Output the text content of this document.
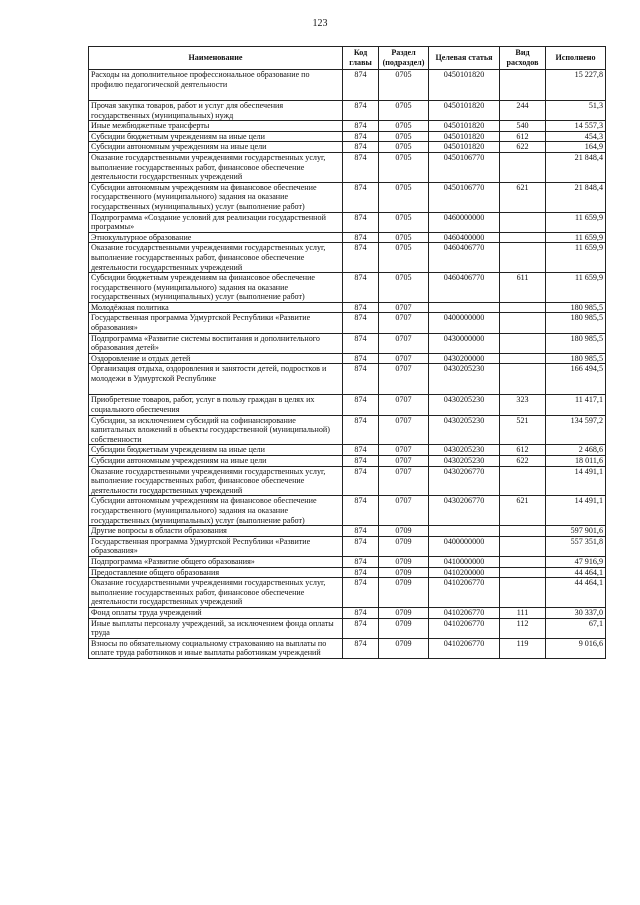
123
Наименование	Код главы	Раздел (подраздел)	Целевая статья	Вид расходов	Исполнено
Расходы на дополнительное профессиональное образование по профилю педагогической деятельности	874	0705	0450101820		15 227,8
Прочая закупка товаров, работ и услуг для обеспечения государственных (муниципальных) нужд	874	0705	0450101820	244	51,3
Иные межбюджетные трансферты	874	0705	0450101820	540	14 557,3
Субсидии бюджетным учреждениям на иные цели	874	0705	0450101820	612	454,3
Субсидии автономным учреждениям на иные цели	874	0705	0450101820	622	164,9
Оказание государственными учреждениями государственных услуг, выполнение государственных работ, финансовое обеспечение деятельности государственных учреждений	874	0705	0450106770		21 848,4
Субсидии автономным учреждениям на финансовое обеспечение государственного (муниципального) задания на оказание государственных (муниципальных) услуг (выполнение работ)	874	0705	0450106770	621	21 848,4
Подпрограмма «Создание условий для реализации государственной программы»	874	0705	0460000000		11 659,9
Этнокультурное образование	874	0705	0460400000		11 659,9
Оказание государственными учреждениями государственных услуг, выполнение государственных работ, финансовое обеспечение деятельности государственных учреждений	874	0705	0460406770		11 659,9
Субсидии бюджетным учреждениям на финансовое обеспечение государственного (муниципального) задания на оказание государственных (муниципальных) услуг (выполнение работ)	874	0705	0460406770	611	11 659,9
Молодёжная политика	874	0707			180 985,5
Государственная программа Удмуртской Республики «Развитие образования»	874	0707	0400000000		180 985,5
Подпрограмма «Развитие системы воспитания и дополнительного образования детей»	874	0707	0430000000		180 985,5
Оздоровление и отдых детей	874	0707	0430200000		180 985,5
Организация отдыха, оздоровления и занятости детей, подростков и молодежи в Удмуртской Республике	874	0707	0430205230		166 494,5
Приобретение товаров, работ, услуг в пользу граждан в целях их социального обеспечения	874	0707	0430205230	323	11 417,1
Субсидии, за исключением субсидий на софинансирование капитальных вложений в объекты государственной (муниципальной) собственности	874	0707	0430205230	521	134 597,2
Субсидии бюджетным учреждениям на иные цели	874	0707	0430205230	612	2 468,6
Субсидии автономным учреждениям на иные цели	874	0707	0430205230	622	18 011,6
Оказание государственными учреждениями государственных услуг, выполнение государственных работ, финансовое обеспечение деятельности государственных учреждений	874	0707	0430206770		14 491,1
Субсидии автономным учреждениям на финансовое обеспечение государственного (муниципального) задания на оказание государственных (муниципальных) услуг (выполнение работ)	874	0707	0430206770	621	14 491,1
Другие вопросы в области образования	874	0709			597 901,6
Государственная программа Удмуртской Республики «Развитие образования»	874	0709	0400000000		557 351,8
Подпрограмма «Развитие общего образования»	874	0709	0410000000		47 916,9
Предоставление общего образования	874	0709	0410200000		44 464,1
Оказание государственными учреждениями государственных услуг, выполнение государственных работ, финансовое обеспечение деятельности государственных учреждений	874	0709	0410206770		44 464,1
Фонд оплаты труда учреждений	874	0709	0410206770	111	30 337,0
Иные выплаты персоналу учреждений, за исключением фонда оплаты труда	874	0709	0410206770	112	67,1
Взносы по обязательному социальному страхованию на выплаты по оплате труда работников и иные выплаты работникам учреждений	874	0709	0410206770	119	9 016,6
